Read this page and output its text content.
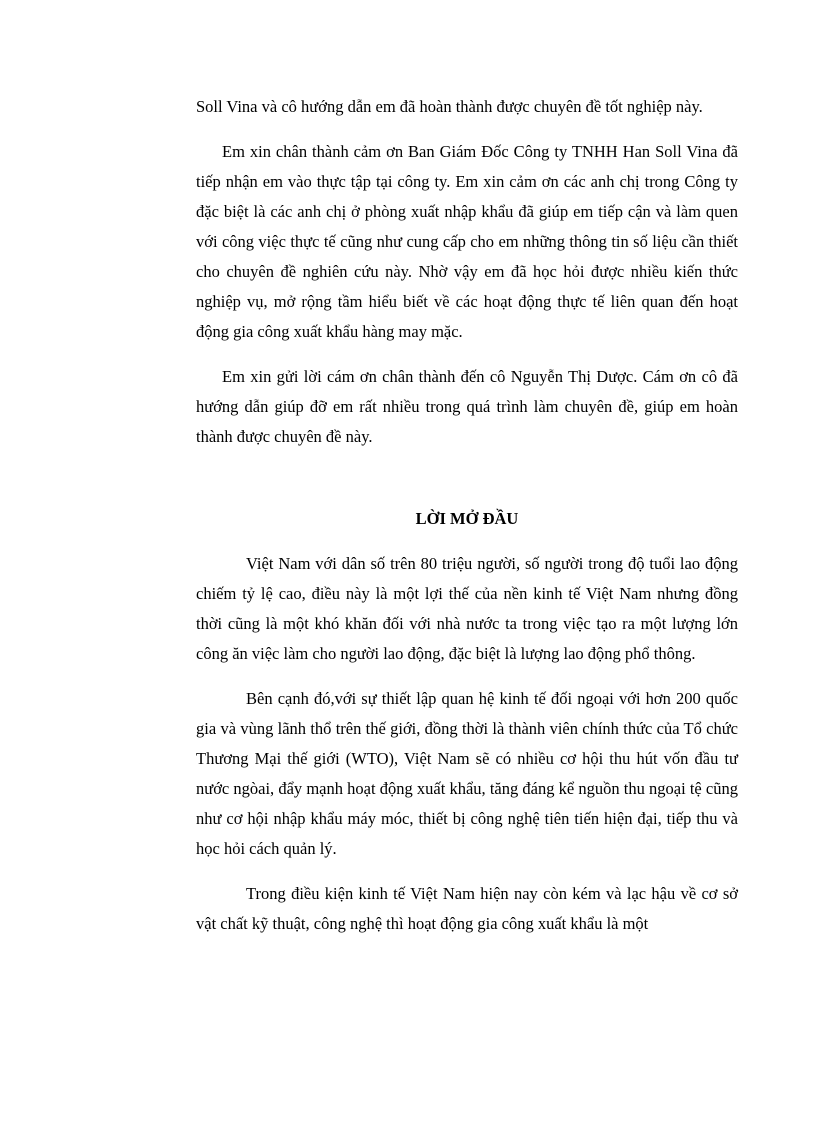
Soll Vina và cô hướng dẫn em đã hoàn thành được chuyên đề tốt nghiệp này.

Em xin chân thành cảm ơn Ban Giám Đốc Công ty TNHH Han Soll Vina đã tiếp nhận em vào thực tập tại công ty. Em xin cảm ơn các anh chị trong Công ty đặc biệt là các anh chị ở phòng xuất nhập khẩu đã giúp em tiếp cận và làm quen với công việc thực tế cũng như cung cấp cho em những thông tin số liệu cần thiết cho chuyên đề nghiên cứu này. Nhờ vậy em đã học hỏi được nhiều kiến thức nghiệp vụ, mở rộng tầm hiểu biết về các hoạt động thực tế liên quan đến hoạt động gia công xuất khẩu hàng may mặc.

Em xin gửi lời cám ơn chân thành đến cô Nguyễn Thị Dược. Cám ơn cô đã hướng dẫn giúp đỡ em rất nhiều trong quá trình làm chuyên đề, giúp em hoàn thành được chuyên đề này.

LỜI MỞ ĐẦU

Việt Nam với dân số trên 80 triệu người, số người trong độ tuổi lao động chiếm tỷ lệ cao, điều này là một lợi thế của nền kinh tế Việt Nam nhưng đồng thời cũng là một khó khăn đối với nhà nước ta trong việc tạo ra một lượng lớn công ăn việc làm cho người lao động, đặc biệt là lượng lao động phổ thông.

Bên cạnh đó,với sự thiết lập quan hệ kinh tế đối ngoại với hơn 200 quốc gia và vùng lãnh thổ trên thế giới, đồng thời là thành viên chính thức của Tổ chức Thương Mại thế giới (WTO), Việt Nam sẽ có nhiều cơ hội thu hút vốn đầu tư nước ngòai, đẩy mạnh hoạt động xuất khẩu, tăng đáng kể nguồn thu ngoại tệ cũng như cơ hội nhập khẩu máy móc, thiết bị công nghệ tiên tiến hiện đại, tiếp thu và học hỏi cách quản lý.

Trong điều kiện kinh tế Việt Nam hiện nay còn kém và lạc hậu về cơ sở vật chất kỹ thuật, công nghệ thì hoạt động gia công xuất khẩu là một
